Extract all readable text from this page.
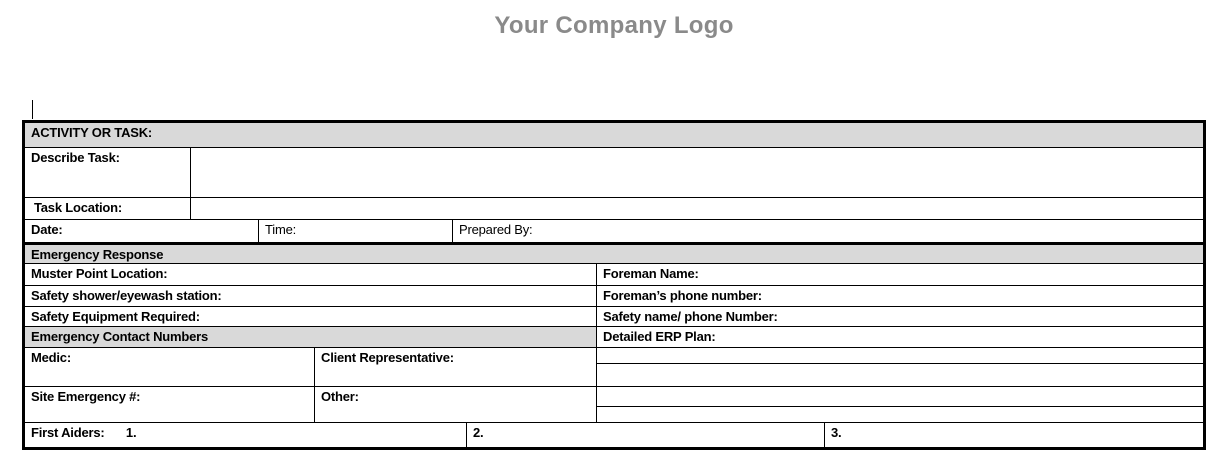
Your Company Logo
ACTIVITY OR TASK:
Describe Task:
Task Location:
Date:	Time:	Prepared By:
Emergency Response
Muster Point Location:	Foreman Name:
Safety shower/eyewash station:	Foreman’s phone number:
Safety Equipment Required:	Safety name/ phone Number:
Emergency Contact Numbers	Detailed ERP Plan:
Medic:	Client Representative:
Site Emergency #:	Other:
First Aiders: 1.	2.	3.
